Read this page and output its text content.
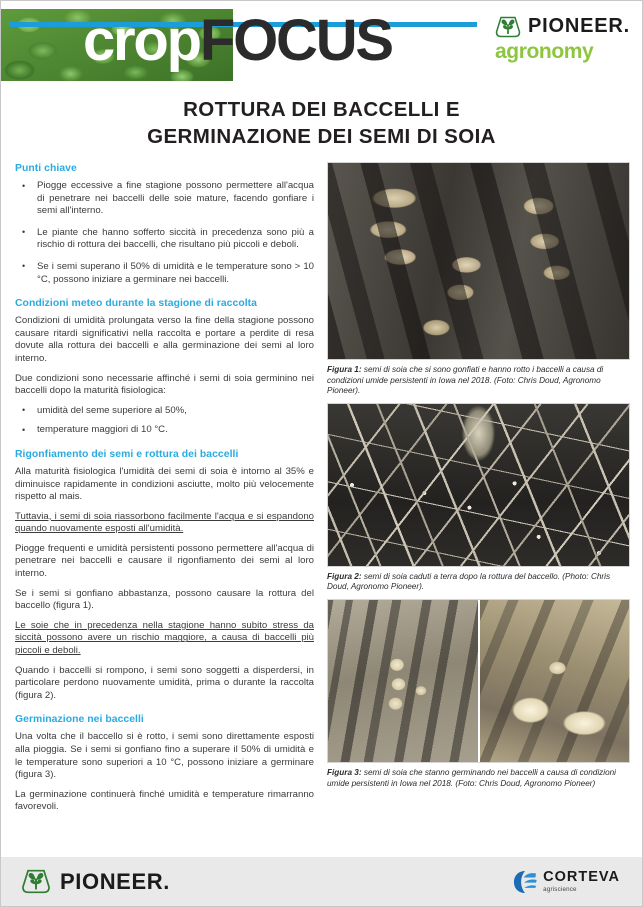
cropFOCUS	PIONEER.
agronomy
ROTTURA DEI BACCELLI E
GERMINAZIONE DEI SEMI DI SOIA
Punti chiave
• Piogge eccessive a fine stagione possono permettere all'acqua di penetrare nei baccelli delle soie mature, facendo gonfiare i semi all'interno.
• Le piante che hanno sofferto siccità in precedenza sono più a rischio di rottura dei baccelli, che risultano più piccoli e deboli.
• Se i semi superano il 50% di umidità e le temperature sono > 10 °C, possono iniziare a germinare nei baccelli.
Condizioni meteo durante la stagione di raccolta

Condizioni di umidità prolungata verso la fine della stagione possono causare ritardi significativi nella raccolta e portare a perdite di resa dovute alla rottura dei baccelli e alla germinazione dei semi al loro interno.

Due condizioni sono necessarie affinché i semi di soia germinino nei baccelli dopo la maturità fisiologica:

• umidità del seme superiore al 50%,
• temperature maggiori di 10 °C.
Rigonfiamento dei semi e rottura dei baccelli

Alla maturità fisiologica l'umidità dei semi di soia è intorno al 35% e diminuisce rapidamente in condizioni asciutte, molto più velocemente rispetto al mais.

Tuttavia, i semi di soia riassorbono facilmente l'acqua e si espandono quando nuovamente esposti all'umidità.

Piogge frequenti e umidità persistenti possono permettere all'acqua di penetrare nei baccelli e causare il rigonfiamento dei semi al loro interno.

Se i semi si gonfiano abbastanza, possono causare la rottura del baccello (figura 1).

Le soie che in precedenza nella stagione hanno subito stress da siccità possono avere un rischio maggiore, a causa di baccelli più piccoli e deboli.

Quando i baccelli si rompono, i semi sono soggetti a disperdersi, in particolare perdono nuovamente umidità, prima o durante la raccolta (figura 2).

Germinazione nei baccelli

Una volta che il baccello si è rotto, i semi sono direttamente esposti alla pioggia. Se i semi si gonfiano fino a superare il 50% di umidità e le temperature sono superiori a 10 °C, possono iniziare a germinare (figura 3).

La germinazione continuerà finché umidità e temperature rimarranno favorevoli.

Figura 1: semi di soia che si sono gonfiati e hanno rotto i baccelli a causa di condizioni umide persistenti in Iowa nel 2018. (Foto: Chris Doud, Agronomo Pioneer).
Figura 2: semi di soia caduti a terra dopo la rottura del baccello. (Photo: Chris Doud, Agronomo Pioneer).
Figura 3: semi di soia che stanno germinando nei baccelli a causa di condizioni umide persistenti in Iowa nel 2018. (Foto: Chris Doud, Agronomo Pioneer)
PIONEER.	CORTEVA
agriscience
